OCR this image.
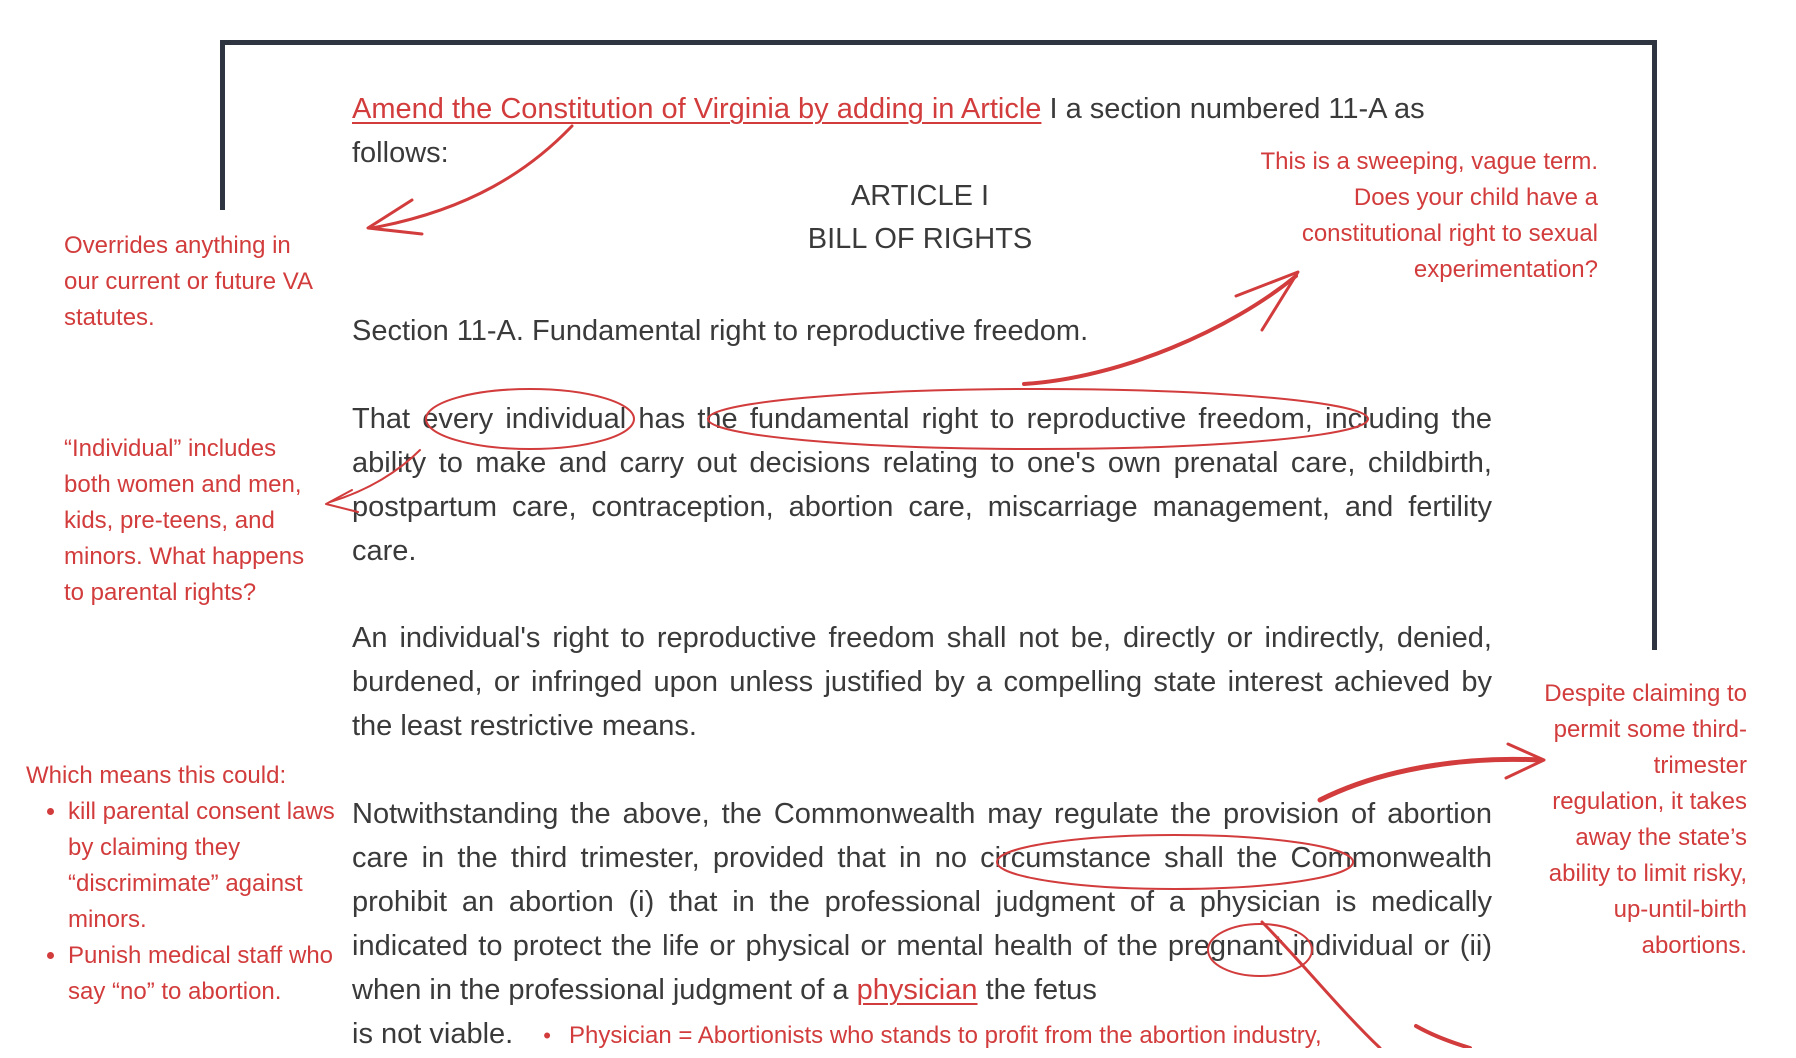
Amend the Constitution of Virginia by adding in Article I a section numbered 11-A as
follows:
ARTICLE I
BILL OF RIGHTS
Section 11-A. Fundamental right to reproductive freedom.
That every individual has the fundamental right to reproductive freedom, including the ability to make and carry out decisions relating to one's own prenatal care, childbirth, postpartum care, contraception, abortion care, miscarriage management, and fertility care.
An individual's right to reproductive freedom shall not be, directly or indirectly, denied, burdened, or infringed upon unless justified by a compelling state interest achieved by the least restrictive means.
Notwithstanding the above, the Commonwealth may regulate the provision of abortion care in the third trimester, provided that in no circumstance shall the Commonwealth prohibit an abortion (i) that in the professional judgment of a physician is medically indicated to protect the life or physical or mental health of the pregnant individual or (ii) when in the professional judgment of a physician the fetus
is not viable. • Physician = Abortionists who stands to profit from the abortion industry,
Overrides anything in our current or future VA statutes.
This is a sweeping, vague term. Does your child have a constitutional right to sexual experimentation?
“Individual” includes both women and men, kids, pre-teens, and minors. What happens to parental rights?
Despite claiming to permit some third-trimester regulation, it takes away the state’s ability to limit risky, up-until-birth abortions.
Which means this could:
• kill parental consent laws by claiming they “discrimimate” against minors.
• Punish medical staff who say “no” to abortion.
